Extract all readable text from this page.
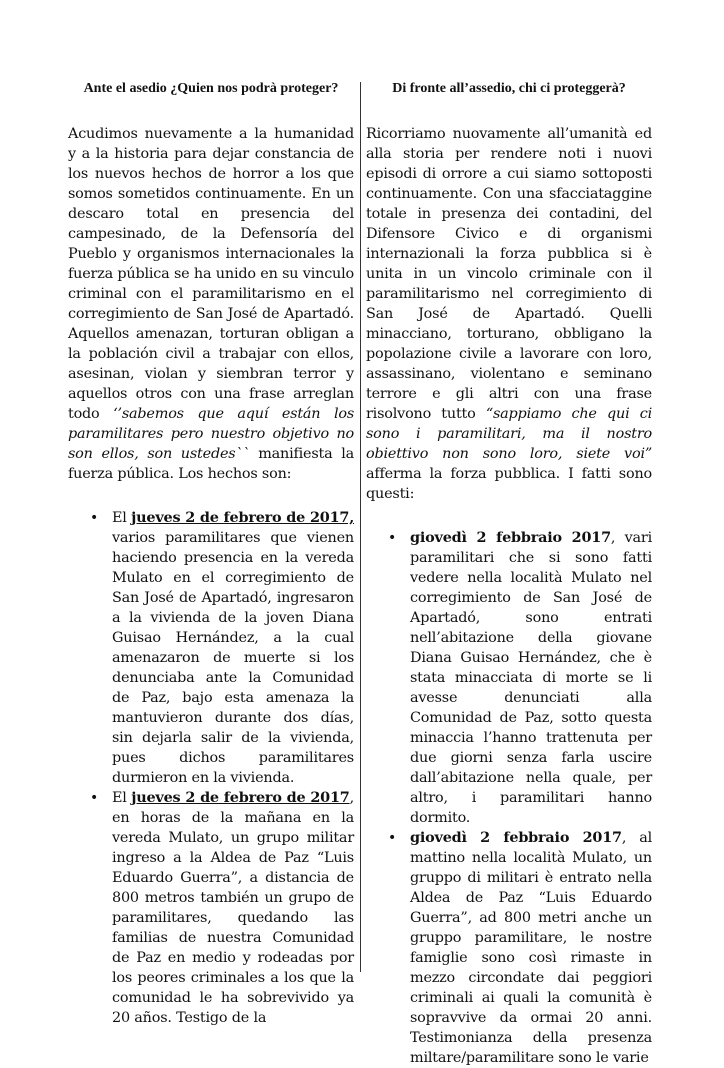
Ante el asedio ¿Quien nos podrà proteger?

Acudimos nuevamente a la humanidad y a la historia para dejar constancia de los nuevos hechos de horror a los que somos sometidos continuamente. En un descaro total en presencia del campesinado, de la Defensoría del Pueblo y organismos internacionales la fuerza pública se ha unido en su vinculo criminal con el paramilitarismo en el corregimiento de San José de Apartadó. Aquellos amenazan, torturan obligan a la población civil a trabajar con ellos, asesinan, violan y siembran terror y aquellos otros con una frase arreglan todo ‘’sabemos que aquí están los paramilitares pero nuestro objetivo no son ellos, son ustedes`` manifiesta la fuerza pública. Los hechos son:

• El jueves 2 de febrero de 2017, varios paramilitares que vienen haciendo presencia en la vereda Mulato en el corregimiento de San José de Apartadó, ingresaron a la vivienda de la joven Diana Guisao Hernández, a la cual amenazaron de muerte si los denunciaba ante la Comunidad de Paz, bajo esta amenaza la mantuvieron durante dos días, sin dejarla salir de la vivienda, pues dichos paramilitares durmieron en la vivienda.

• El jueves 2 de febrero de 2017, en horas de la mañana en la vereda Mulato, un grupo militar ingreso a la Aldea de Paz “Luis Eduardo Guerra”, a distancia de 800 metros también un grupo de paramilitares, quedando las familias de nuestra Comunidad de Paz en medio y rodeadas por los peores criminales a los que la comunidad le ha sobrevivido ya 20 años. Testigo de la

Di fronte all’assedio, chi ci proteggerà?

Ricorriamo nuovamente all’umanità ed alla storia per rendere noti i nuovi episodi di orrore a cui siamo sottoposti continuamente. Con una sfacciataggine totale in presenza dei contadini, del Difensore Civico e di organismi internazionali la forza pubblica si è unita in un vincolo criminale con il paramilitarismo nel corregimiento di San José de Apartadó. Quelli minacciano, torturano, obbligano la popolazione civile a lavorare con loro, assassinano, violentano e seminano terrore e gli altri con una frase risolvono tutto “sappiamo che qui ci sono i paramilitari, ma il nostro obiettivo non sono loro, siete voi” afferma la forza pubblica. I fatti sono questi:

• giovedì 2 febbraio 2017, vari paramilitari che si sono fatti vedere nella località Mulato nel corregimiento de San José de Apartadó, sono entrati nell’abitazione della giovane Diana Guisao Hernández, che è stata minacciata di morte se li avesse denunciati alla Comunidad de Paz, sotto questa minaccia l’hanno trattenuta per due giorni senza farla uscire dall’abitazione nella quale, per altro, i paramilitari hanno dormito.

• giovedì 2 febbraio 2017, al mattino nella località Mulato, un gruppo di militari è entrato nella Aldea de Paz “Luis Eduardo Guerra”, ad 800 metri anche un gruppo paramilitare, le nostre famiglie sono così rimaste in mezzo circondate dai peggiori criminali ai quali la comunità è sopravvive da ormai 20 anni. Testimonianza della presenza miltare/paramilitare sono le varie
